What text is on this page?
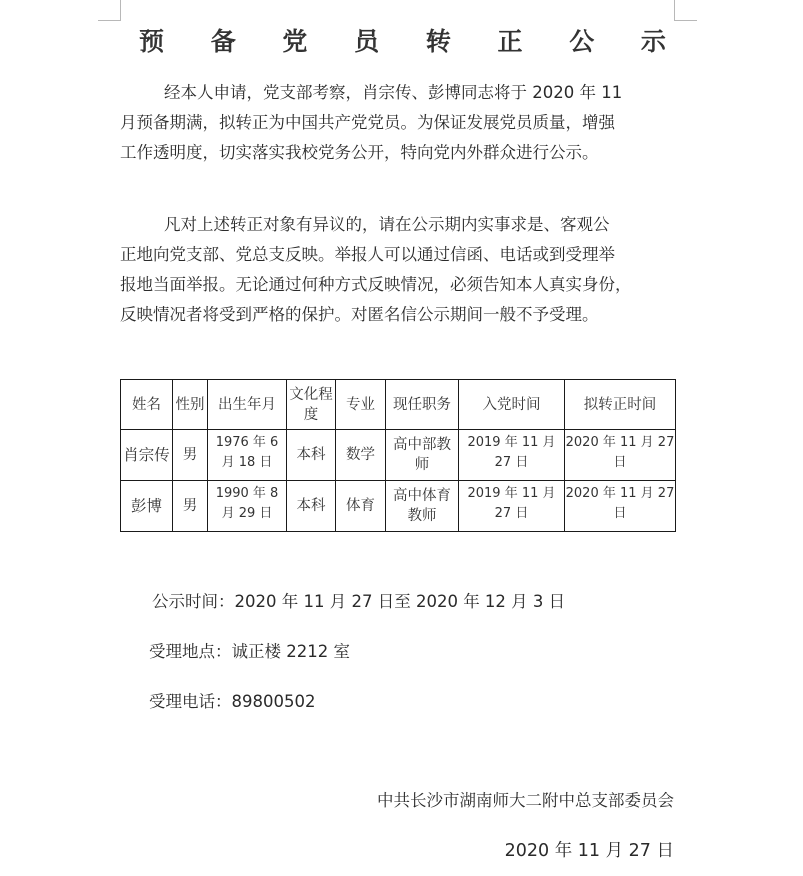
预 备 党 员 转 正 公 示

经本人申请，党支部考察，肖宗传、彭博同志将于 2020 年 11
月预备期满，拟转正为中国共产党党员。为保证发展党员质量，增强
工作透明度，切实落实我校党务公开，特向党内外群众进行公示。

凡对上述转正对象有异议的，请在公示期内实事求是、客观公
正地向党支部、党总支反映。举报人可以通过信函、电话或到受理举
报地当面举报。无论通过何种方式反映情况，必须告知本人真实身份，
反映情况者将受到严格的保护。对匿名信公示期间一般不予受理。

姓名	性别	出生年月	文化程度	专业	现任职务	入党时间	拟转正时间
肖宗传	男	1976 年 6 月 18 日	本科	数学	高中部教师	2019 年 11 月 27 日	2020 年 11 月 27 日
彭博	男	1990 年 8 月 29 日	本科	体育	高中体育教师	2019 年 11 月 27 日	2020 年 11 月 27 日
公示时间：2020 年 11 月 27 日至 2020 年 12 月 3 日
受理地点：诚正楼 2212 室
受理电话：89800502
中共长沙市湖南师大二附中总支部委员会
2020 年 11 月 27 日
